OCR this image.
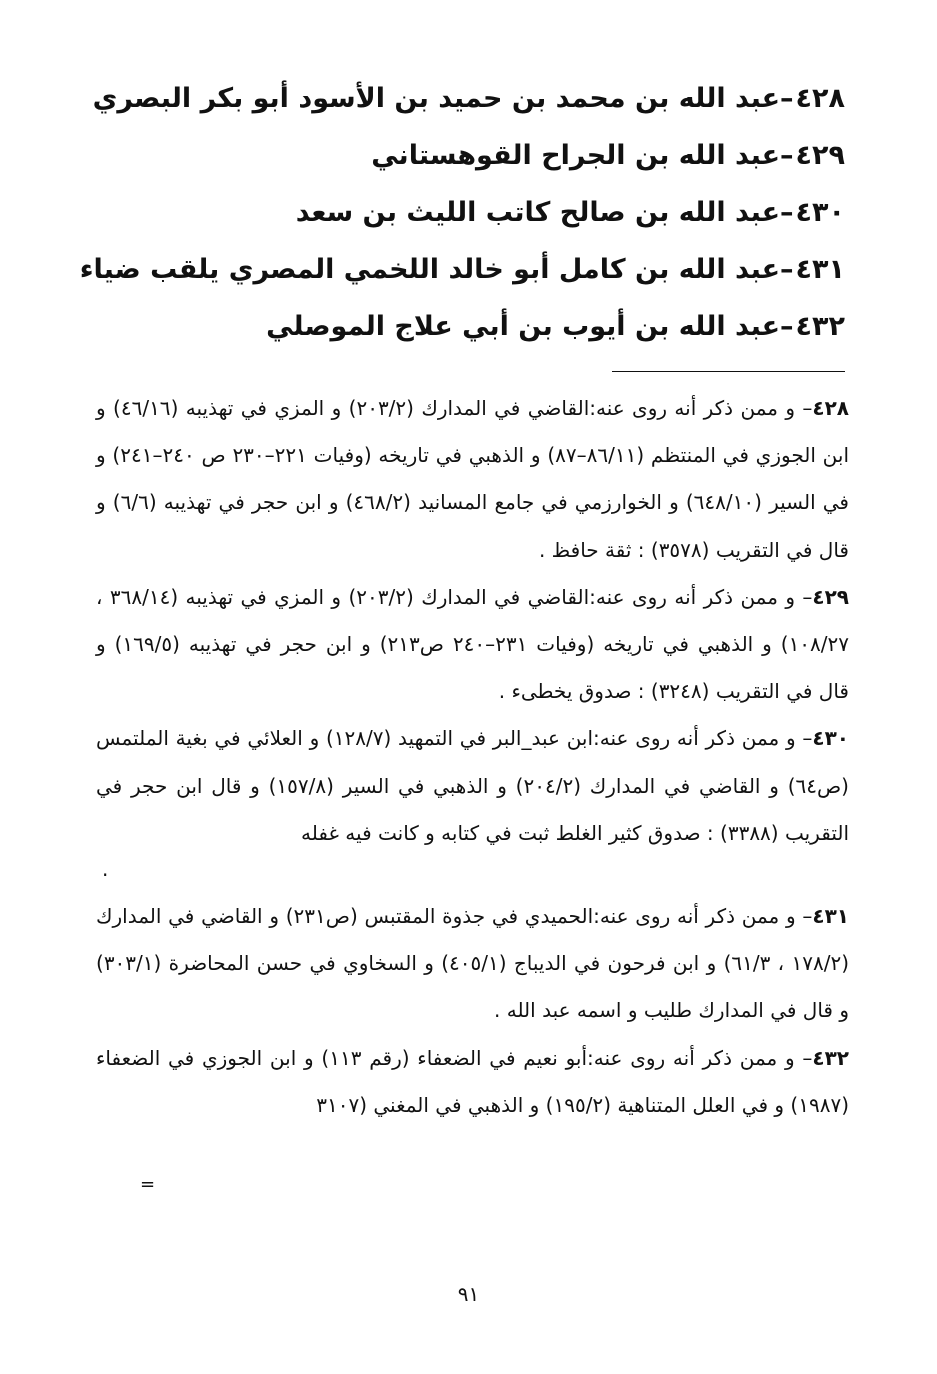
٤٢٨–عبد الله بن محمد بن حميد بن الأسود أبو بكر البصري
٤٢٩–عبد الله بن الجراح القوهستاني
٤٣٠–عبد الله بن صالح كاتب الليث بن سعد
٤٣١–عبد الله بن كامل أبو خالد اللخمي المصري يلقب ضياء
٤٣٢–عبد الله بن أيوب بن أبي علاج الموصلي
٤٢٨– و ممن ذكر أنه روى عنه:القاضي في المدارك (٢٠٣/٢) و المزي في تهذيبه (٤٦/١٦) و ابن الجوزي في المنتظم (٨٦/١١–٨٧) و الذهبي في تاريخه (وفيات ٢٢١–٢٣٠ ص ٢٤٠–٢٤١) و في السير (٦٤٨/١٠) و الخوارزمي في جامع المسانيد (٤٦٨/٢) و ابن حجر في تهذيبه (٦/٦) و قال في التقريب (٣٥٧٨) : ثقة حافظ .
٤٢٩– و ممن ذكر أنه روى عنه:القاضي في المدارك (٢٠٣/٢) و المزي في تهذيبه (٣٦٨/١٤ ، ١٠٨/٢٧) و الذهبي في تاريخه (وفيات ٢٣١–٢٤٠ ص٢١٣) و ابن حجر في تهذيبه (١٦٩/٥) و قال في التقريب (٣٢٤٨) : صدوق يخطىء .
٤٣٠– و ممن ذكر أنه روى عنه:ابن عبد_البر في التمهيد (١٢٨/٧) و العلائي في بغية الملتمس (ص٦٤) و القاضي في المدارك (٢٠٤/٢) و الذهبي في السير (١٥٧/٨) و قال ابن حجر في التقريب (٣٣٨٨) : صدوق كثير الغلط ثبت في كتابه و كانت فيه غفله
.
٤٣١– و ممن ذكر أنه روى عنه:الحميدي في جذوة المقتبس (ص٢٣١) و القاضي في المدارك (١٧٨/٢ ، ٦١/٣) و ابن فرحون في الديباج (٤٠٥/١) و السخاوي في حسن المحاضرة (٣٠٣/١) و قال في المدارك طليب و اسمه عبد الله .
٤٣٢– و ممن ذكر أنه روى عنه:أبو نعيم في الضعفاء (رقم ١١٣) و ابن الجوزي في الضعفاء (١٩٨٧) و في العلل المتناهية (١٩٥/٢) و الذهبي في المغني (٣١٠٧
=
٩١
